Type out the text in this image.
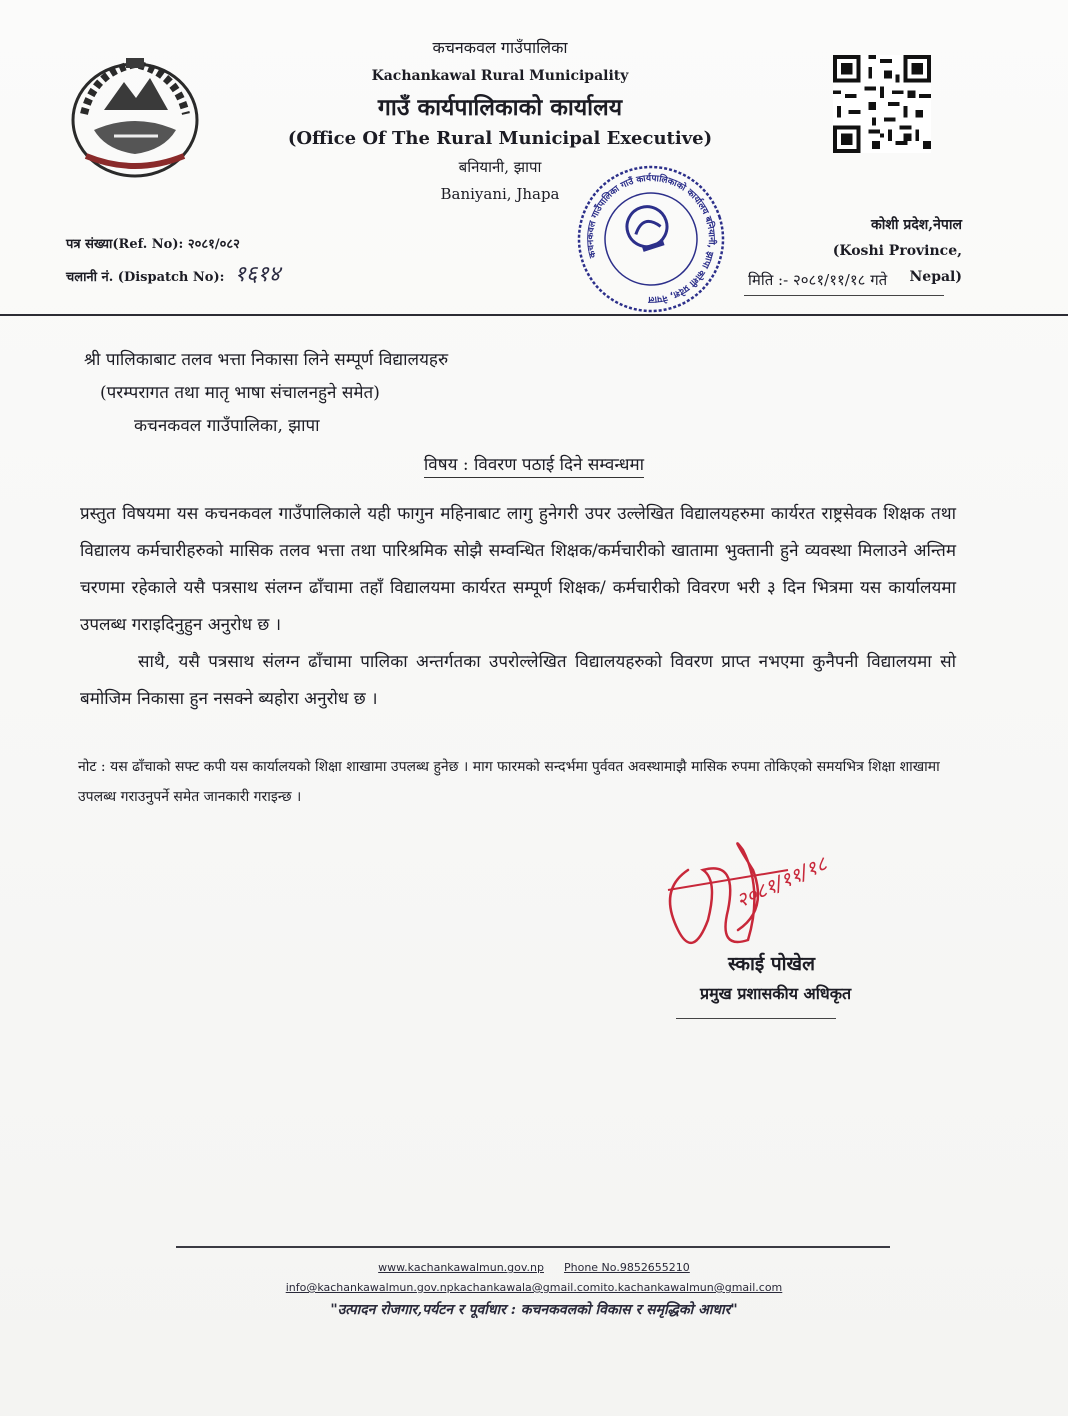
कचनकवल गाउँपालिका
Kachankawal Rural Municipality
गाउँ कार्यपालिकाको कार्यालय
(Office Of The Rural Municipal Executive)
बनियानी, झापा
Baniyani, Jhapa
पत्र संख्या(Ref. No): २०८१/०८२
चलानी नं. (Dispatch No): १६१४
कचनकवल गाउँपालिका गाउँ कार्यपालिकाको कार्यालय बनियानी, झापा कोशी प्रदेश, नेपाल
कोशी प्रदेश,नेपाल
(Koshi Province, Nepal)
मिति :- २०८१/११/१८ गते
श्री पालिकाबाट तलव भत्ता निकासा लिने सम्पूर्ण विद्यालयहरु
(परम्परागत तथा मातृ भाषा संचालनहुने समेत)
कचनकवल गाउँपालिका, झापा
विषय : विवरण पठाई दिने सम्वन्धमा

प्रस्तुत विषयमा यस कचनकवल गाउँपालिकाले यही फागुन महिनाबाट लागु हुनेगरी उपर उल्लेखित विद्यालयहरुमा कार्यरत राष्ट्रसेवक शिक्षक तथा विद्यालय कर्मचारीहरुको मासिक तलव भत्ता तथा पारिश्रमिक सोझै सम्वन्धित शिक्षक/कर्मचारीको खातामा भुक्तानी हुने व्यवस्था मिलाउने अन्तिम चरणमा रहेकाले यसै पत्रसाथ संलग्न ढाँचामा तहाँ विद्यालयमा कार्यरत सम्पूर्ण शिक्षक/ कर्मचारीको विवरण भरी ३ दिन भित्रमा यस कार्यालयमा उपलब्ध गराइदिनुहुन अनुरोध छ ।

साथै, यसै पत्रसाथ संलग्न ढाँचामा पालिका अन्तर्गतका उपरोल्लेखित विद्यालयहरुको विवरण प्राप्त नभएमा कुनैपनी विद्यालयमा सो बमोजिम निकासा हुन नसक्ने ब्यहोरा अनुरोध छ ।

नोट : यस ढाँचाको सफ्ट कपी यस कार्यालयको शिक्षा शाखामा उपलब्ध हुनेछ । माग फारमको सन्दर्भमा पुर्ववत अवस्थामाझै मासिक रुपमा तोकिएको समयभित्र शिक्षा शाखामा उपलब्ध गराउनुपर्ने समेत जानकारी गराइन्छ ।
२०८१/११/१८
स्काई पोखेल
प्रमुख प्रशासकीय अधिकृत
www.kachankawalmun.gov.np Phone No.9852655210
info@kachankawalmun.gov.npkachankawala@gmail.comito.kachankawalmun@gmail.com
"उत्पादन रोजगार,पर्यटन र पूर्वाधार : कचनकवलको विकास र समृद्धिको आधार"
